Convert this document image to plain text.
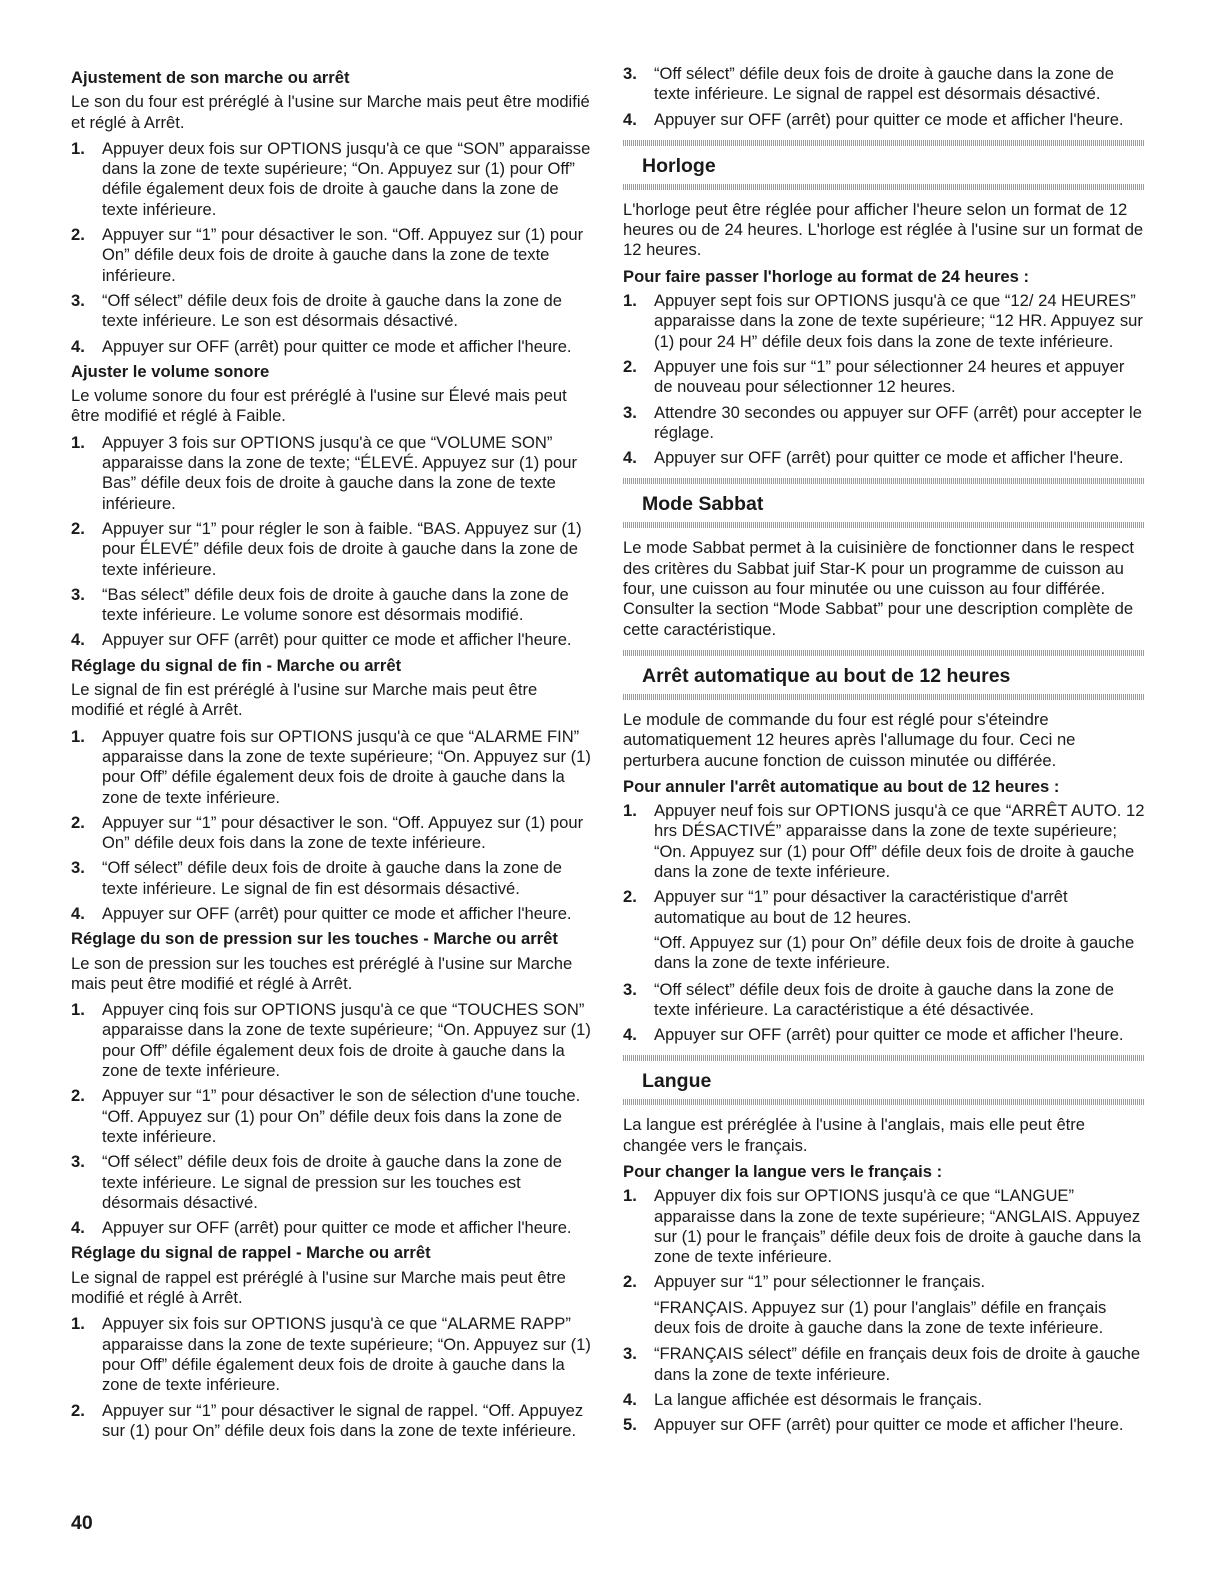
Ajustement de son marche ou arrêt
Le son du four est préréglé à l'usine sur Marche mais peut être modifié et réglé à Arrêt.
1.	Appuyer deux fois sur OPTIONS jusqu'à ce que “SON” apparaisse dans la zone de texte supérieure; “On. Appuyez sur (1) pour Off” défile également deux fois de droite à gauche dans la zone de texte inférieure.
2.	Appuyer sur “1” pour désactiver le son. “Off. Appuyez sur (1) pour On” défile deux fois de droite à gauche dans la zone de texte inférieure.
3.	“Off sélect” défile deux fois de droite à gauche dans la zone de texte inférieure. Le son est désormais désactivé.
4.	Appuyer sur OFF (arrêt) pour quitter ce mode et afficher l'heure.
Ajuster le volume sonore
Le volume sonore du four est préréglé à l'usine sur Élevé mais peut être modifié et réglé à Faible.
1.	Appuyer 3 fois sur OPTIONS jusqu'à ce que “VOLUME SON” apparaisse dans la zone de texte; “ÉLEVÉ. Appuyez sur (1) pour Bas” défile deux fois de droite à gauche dans la zone de texte inférieure.
2.	Appuyer sur “1” pour régler le son à faible. “BAS. Appuyez sur (1) pour ÉLEVÉ” défile deux fois de droite à gauche dans la zone de texte inférieure.
3.	“Bas sélect” défile deux fois de droite à gauche dans la zone de texte inférieure. Le volume sonore est désormais modifié.
4.	Appuyer sur OFF (arrêt) pour quitter ce mode et afficher l'heure.
Réglage du signal de fin - Marche ou arrêt
Le signal de fin est préréglé à l'usine sur Marche mais peut être modifié et réglé à Arrêt.
1.	Appuyer quatre fois sur OPTIONS jusqu'à ce que “ALARME FIN” apparaisse dans la zone de texte supérieure; “On. Appuyez sur (1) pour Off” défile également deux fois de droite à gauche dans la zone de texte inférieure.
2.	Appuyer sur “1” pour désactiver le son. “Off. Appuyez sur (1) pour On” défile deux fois dans la zone de texte inférieure.
3.	“Off sélect” défile deux fois de droite à gauche dans la zone de texte inférieure. Le signal de fin est désormais désactivé.
4.	Appuyer sur OFF (arrêt) pour quitter ce mode et afficher l'heure.
Réglage du son de pression sur les touches - Marche ou arrêt
Le son de pression sur les touches est préréglé à l'usine sur Marche mais peut être modifié et réglé à Arrêt.
1.	Appuyer cinq fois sur OPTIONS jusqu'à ce que “TOUCHES SON” apparaisse dans la zone de texte supérieure; “On. Appuyez sur (1) pour Off” défile également deux fois de droite à gauche dans la zone de texte inférieure.
2.	Appuyer sur “1” pour désactiver le son de sélection d'une touche. “Off. Appuyez sur (1) pour On” défile deux fois dans la zone de texte inférieure.
3.	“Off sélect” défile deux fois de droite à gauche dans la zone de texte inférieure. Le signal de pression sur les touches est désormais désactivé.
4.	Appuyer sur OFF (arrêt) pour quitter ce mode et afficher l'heure.
Réglage du signal de rappel - Marche ou arrêt
Le signal de rappel est préréglé à l'usine sur Marche mais peut être modifié et réglé à Arrêt.
1.	Appuyer six fois sur OPTIONS jusqu'à ce que “ALARME RAPP” apparaisse dans la zone de texte supérieure; “On. Appuyez sur (1) pour Off” défile également deux fois de droite à gauche dans la zone de texte inférieure.
2.	Appuyer sur “1” pour désactiver le signal de rappel. “Off. Appuyez sur (1) pour On” défile deux fois dans la zone de texte inférieure.
3.	“Off sélect” défile deux fois de droite à gauche dans la zone de texte inférieure. Le signal de rappel est désormais désactivé.
4.	Appuyer sur OFF (arrêt) pour quitter ce mode et afficher l'heure.
Horloge
L'horloge peut être réglée pour afficher l'heure selon un format de 12 heures ou de 24 heures. L'horloge est réglée à l'usine sur un format de 12 heures.
Pour faire passer l'horloge au format de 24 heures :
1.	Appuyer sept fois sur OPTIONS jusqu'à ce que “12/ 24 HEURES” apparaisse dans la zone de texte supérieure; “12 HR. Appuyez sur (1) pour 24 H” défile deux fois dans la zone de texte inférieure.
2.	Appuyer une fois sur “1” pour sélectionner 24 heures et appuyer de nouveau pour sélectionner 12 heures.
3.	Attendre 30 secondes ou appuyer sur OFF (arrêt) pour accepter le réglage.
4.	Appuyer sur OFF (arrêt) pour quitter ce mode et afficher l'heure.
Mode Sabbat
Le mode Sabbat permet à la cuisinière de fonctionner dans le respect des critères du Sabbat juif Star-K pour un programme de cuisson au four, une cuisson au four minutée ou une cuisson au four différée. Consulter la section “Mode Sabbat” pour une description complète de cette caractéristique.
Arrêt automatique au bout de 12 heures
Le module de commande du four est réglé pour s'éteindre automatiquement 12 heures après l'allumage du four. Ceci ne perturbera aucune fonction de cuisson minutée ou différée.
Pour annuler l'arrêt automatique au bout de 12 heures :
1.	Appuyer neuf fois sur OPTIONS jusqu'à ce que “ARRÊT AUTO. 12 hrs DÉSACTIVÉ” apparaisse dans la zone de texte supérieure; “On. Appuyez sur (1) pour Off” défile deux fois de droite à gauche dans la zone de texte inférieure.
2.	Appuyer sur “1” pour désactiver la caractéristique d'arrêt automatique au bout de 12 heures.
“Off. Appuyez sur (1) pour On” défile deux fois de droite à gauche dans la zone de texte inférieure.
3.	“Off sélect” défile deux fois de droite à gauche dans la zone de texte inférieure. La caractéristique a été désactivée.
4.	Appuyer sur OFF (arrêt) pour quitter ce mode et afficher l'heure.
Langue
La langue est préréglée à l'usine à l'anglais, mais elle peut être changée vers le français.
Pour changer la langue vers le français :
1.	Appuyer dix fois sur OPTIONS jusqu'à ce que “LANGUE” apparaisse dans la zone de texte supérieure; “ANGLAIS. Appuyez sur (1) pour le français” défile deux fois de droite à gauche dans la zone de texte inférieure.
2.	Appuyer sur “1” pour sélectionner le français.
“FRANÇAIS. Appuyez sur (1) pour l'anglais” défile en français deux fois de droite à gauche dans la zone de texte inférieure.
3.	“FRANÇAIS sélect” défile en français deux fois de droite à gauche dans la zone de texte inférieure.
4.	La langue affichée est désormais le français.
5.	Appuyer sur OFF (arrêt) pour quitter ce mode et afficher l'heure.
40
